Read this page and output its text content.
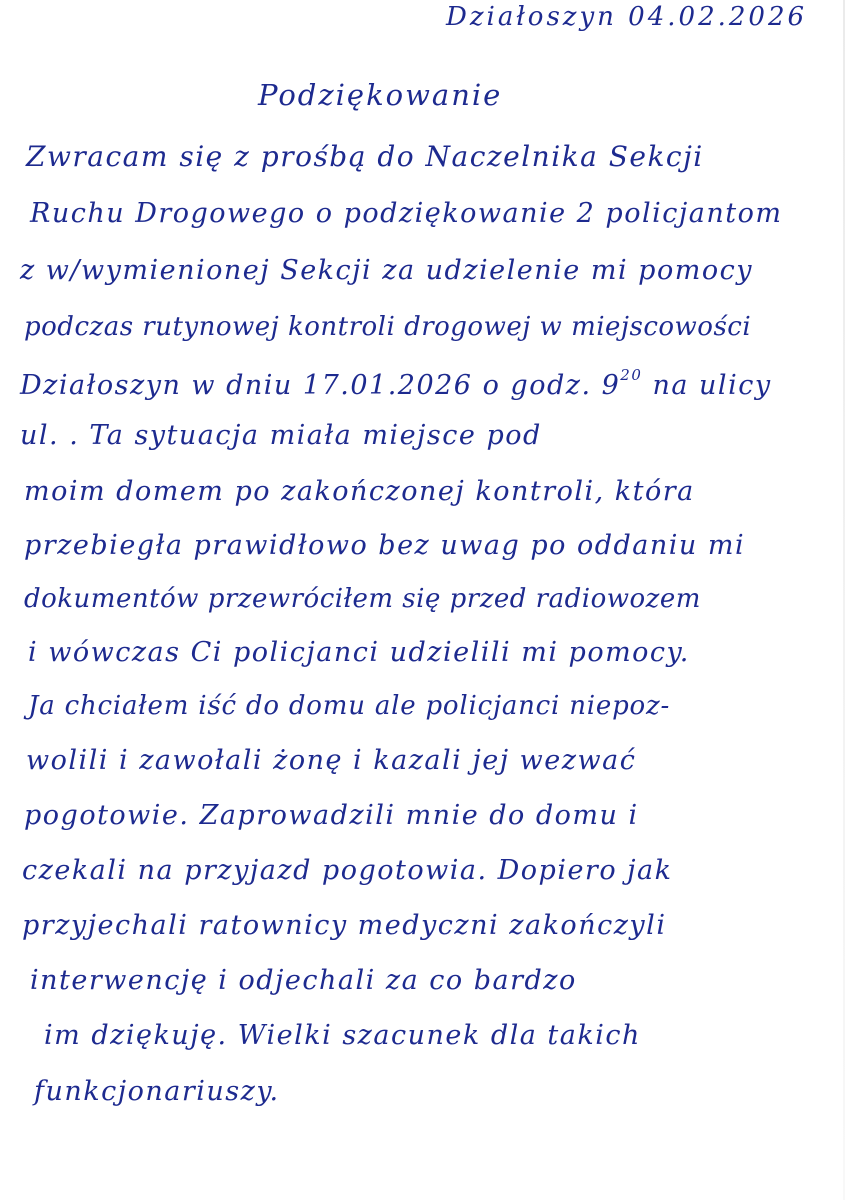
Działoszyn 04.02.2026
Podziękowanie
Zwracam się z prośbą do Naczelnika Sekcji
Ruchu Drogowego o podziękowanie 2 policjantom
z w/wymienionej Sekcji za udzielenie mi pomocy
podczas rutynowej kontroli drogowej w miejscowości
Działoszyn w dniu 17.01.2026 o godz. $9^{20}$ na ulicy
ul. . Ta sytuacja miała miejsce pod
moim domem po zakończonej kontroli, która
przebiegła prawidłowo bez uwag po oddaniu mi
dokumentów przewróciłem się przed radiowozem
i wówczas Ci policjanci udzielili mi pomocy.
Ja chciałem iść do domu ale policjanci niepoz-
wolili i zawołali żonę i kazali jej wezwać
pogotowie. Zaprowadzili mnie do domu i
czekali na przyjazd pogotowia. Dopiero jak
przyjechali ratownicy medyczni zakończyli
interwencję i odjechali za co bardzo
im dziękuję. Wielki szacunek dla takich
funkcjonariuszy.
